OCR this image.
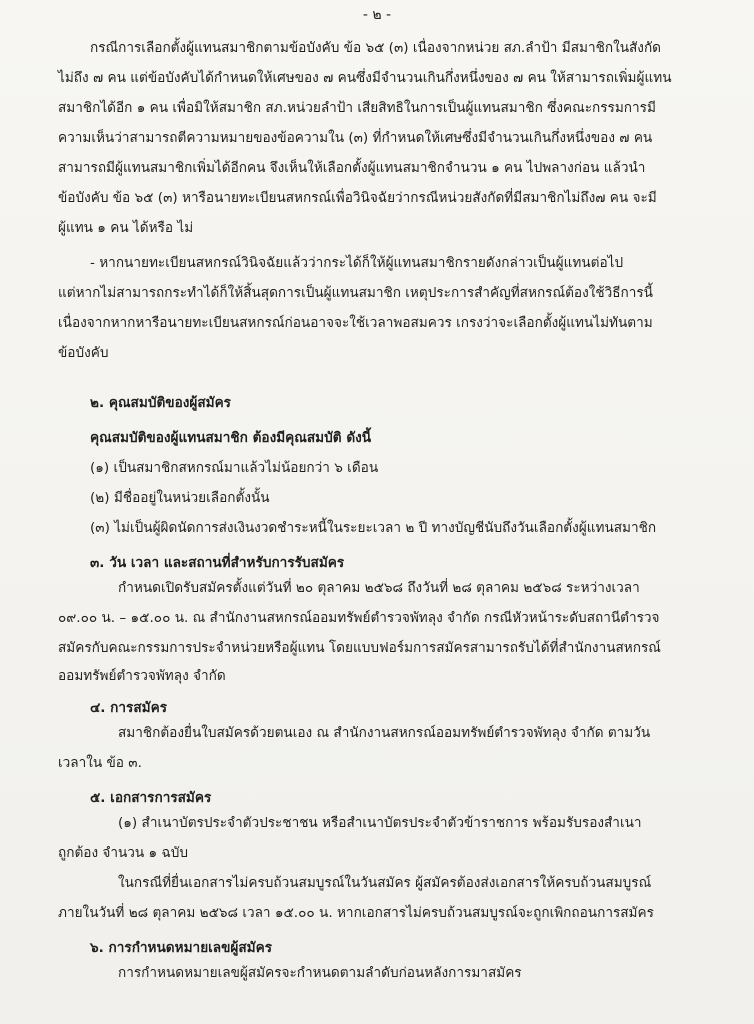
- ๒ -
กรณีการเลือกตั้งผู้แทนสมาชิกตามข้อบังคับ ข้อ ๖๕ (๓) เนื่องจากหน่วย สภ.ลำป้า มีสมาชิกในสังกัด
ไม่ถึง ๗ คน แต่ข้อบังคับได้กำหนดให้เศษของ ๗ คนซึ่งมีจำนวนเกินกึ่งหนึ่งของ ๗ คน ให้สามารถเพิ่มผู้แทน
สมาชิกได้อีก ๑ คน เพื่อมิให้สมาชิก สภ.หน่วยลำป้า เสียสิทธิในการเป็นผู้แทนสมาชิก ซึ่งคณะกรรมการมี
ความเห็นว่าสามารถตีความหมายของข้อความใน (๓) ที่กำหนดให้เศษซึ่งมีจำนวนเกินกึ่งหนึ่งของ ๗ คน
สามารถมีผู้แทนสมาชิกเพิ่มได้อีกคน จึงเห็นให้เลือกตั้งผู้แทนสมาชิกจำนวน ๑ คน ไปพลางก่อน แล้วนำ
ข้อบังคับ ข้อ ๖๕ (๓) หารือนายทะเบียนสหกรณ์เพื่อวินิจฉัยว่ากรณีหน่วยสังกัดที่มีสมาชิกไม่ถึง๗ คน จะมี
ผู้แทน ๑ คน ได้หรือ ไม่
- หากนายทะเบียนสหกรณ์วินิจฉัยแล้วว่ากระได้ก็ให้ผู้แทนสมาชิกรายดังกล่าวเป็นผู้แทนต่อไป
แต่หากไม่สามารถกระทำได้ก็ให้สิ้นสุดการเป็นผู้แทนสมาชิก เหตุประการสำคัญที่สหกรณ์ต้องใช้วิธีการนี้
เนื่องจากหากหารือนายทะเบียนสหกรณ์ก่อนอาจจะใช้เวลาพอสมควร เกรงว่าจะเลือกตั้งผู้แทนไม่ทันตาม
ข้อบังคับ
๒. คุณสมบัติของผู้สมัคร
คุณสมบัติของผู้แทนสมาชิก ต้องมีคุณสมบัติ ดังนี้
(๑) เป็นสมาชิกสหกรณ์มาแล้วไม่น้อยกว่า ๖ เดือน
(๒) มีชื่ออยู่ในหน่วยเลือกตั้งนั้น
(๓) ไม่เป็นผู้ผิดนัดการส่งเงินงวดชำระหนี้ในระยะเวลา ๒ ปี ทางบัญชีนับถึงวันเลือกตั้งผู้แทนสมาชิก
๓. วัน เวลา และสถานที่สำหรับการรับสมัคร
กำหนดเปิดรับสมัครตั้งแต่วันที่ ๒๐ ตุลาคม ๒๕๖๘ ถึงวันที่ ๒๘ ตุลาคม ๒๕๖๘ ระหว่างเวลา
๐๙.๐๐ น. – ๑๕.๐๐ น. ณ สำนักงานสหกรณ์ออมทรัพย์ตำรวจพัทลุง จำกัด กรณีหัวหน้าระดับสถานีตำรวจ
สมัครกับคณะกรรมการประจำหน่วยหรือผู้แทน โดยแบบฟอร์มการสมัครสามารถรับได้ที่สำนักงานสหกรณ์
ออมทรัพย์ตำรวจพัทลุง จำกัด
๔. การสมัคร
สมาชิกต้องยื่นใบสมัครด้วยตนเอง ณ สำนักงานสหกรณ์ออมทรัพย์ตำรวจพัทลุง จำกัด ตามวัน
เวลาใน ข้อ ๓.
๕. เอกสารการสมัคร
(๑) สำเนาบัตรประจำตัวประชาชน หรือสำเนาบัตรประจำตัวข้าราชการ พร้อมรับรองสำเนา
ถูกต้อง จำนวน ๑ ฉบับ
ในกรณีที่ยื่นเอกสารไม่ครบถ้วนสมบูรณ์ในวันสมัคร ผู้สมัครต้องส่งเอกสารให้ครบถ้วนสมบูรณ์
ภายในวันที่ ๒๘ ตุลาคม ๒๕๖๘ เวลา ๑๕.๐๐ น. หากเอกสารไม่ครบถ้วนสมบูรณ์จะถูกเพิกถอนการสมัคร
๖. การกำหนดหมายเลขผู้สมัคร
การกำหนดหมายเลขผู้สมัครจะกำหนดตามลำดับก่อนหลังการมาสมัคร
